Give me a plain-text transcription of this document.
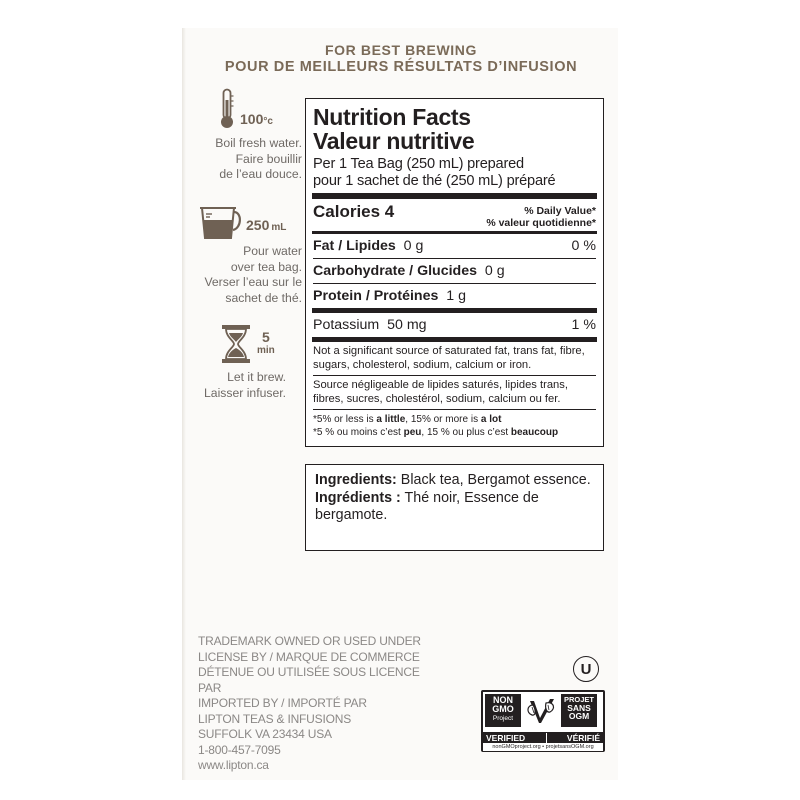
FOR BEST BREWING
POUR DE MEILLEURS RÉSULTATS D’INFUSION
100°c
Boil fresh water.
Faire bouillir
de l’eau douce.
250 mL
Pour water
over tea bag.
Verser l’eau sur le
sachet de thé.
5
min
Let it brew.
Laisser infuser.
Nutrition Facts
Valeur nutritive
Per 1 Tea Bag (250 mL) prepared
pour 1 sachet de thé (250 mL) préparé
Calories 4	% Daily Value*
% valeur quotidienne*
Fat / Lipides 0 g	0 %
Carbohydrate / Glucides 0 g
Protein / Protéines 1 g
Potassium 50 mg	1 %
Not a significant source of saturated fat, trans fat, fibre, sugars, cholesterol, sodium, calcium or iron.
Source négligeable de lipides saturés, lipides trans, fibres, sucres, cholestérol, sodium, calcium ou fer.
*5% or less is a little, 15% or more is a lot
*5 % ou moins c’est peu, 15 % ou plus c’est beaucoup
Ingredients: Black tea, Bergamot essence.
Ingrédients : Thé noir, Essence de bergamote.
TRADEMARK OWNED OR USED UNDER
LICENSE BY / MARQUE DE COMMERCE
DÉTENUE OU UTILISÉE SOUS LICENCE PAR
IMPORTED BY / IMPORTÉ PAR
LIPTON TEAS & INFUSIONS
SUFFOLK VA 23434 USA
1-800-457-7095
www.lipton.ca
U
NON
GMO
Project
PROJET
SANS
OGM
VERIFIED	VÉRIFIÉ
nonGMOproject.org • projetsansOGM.org
